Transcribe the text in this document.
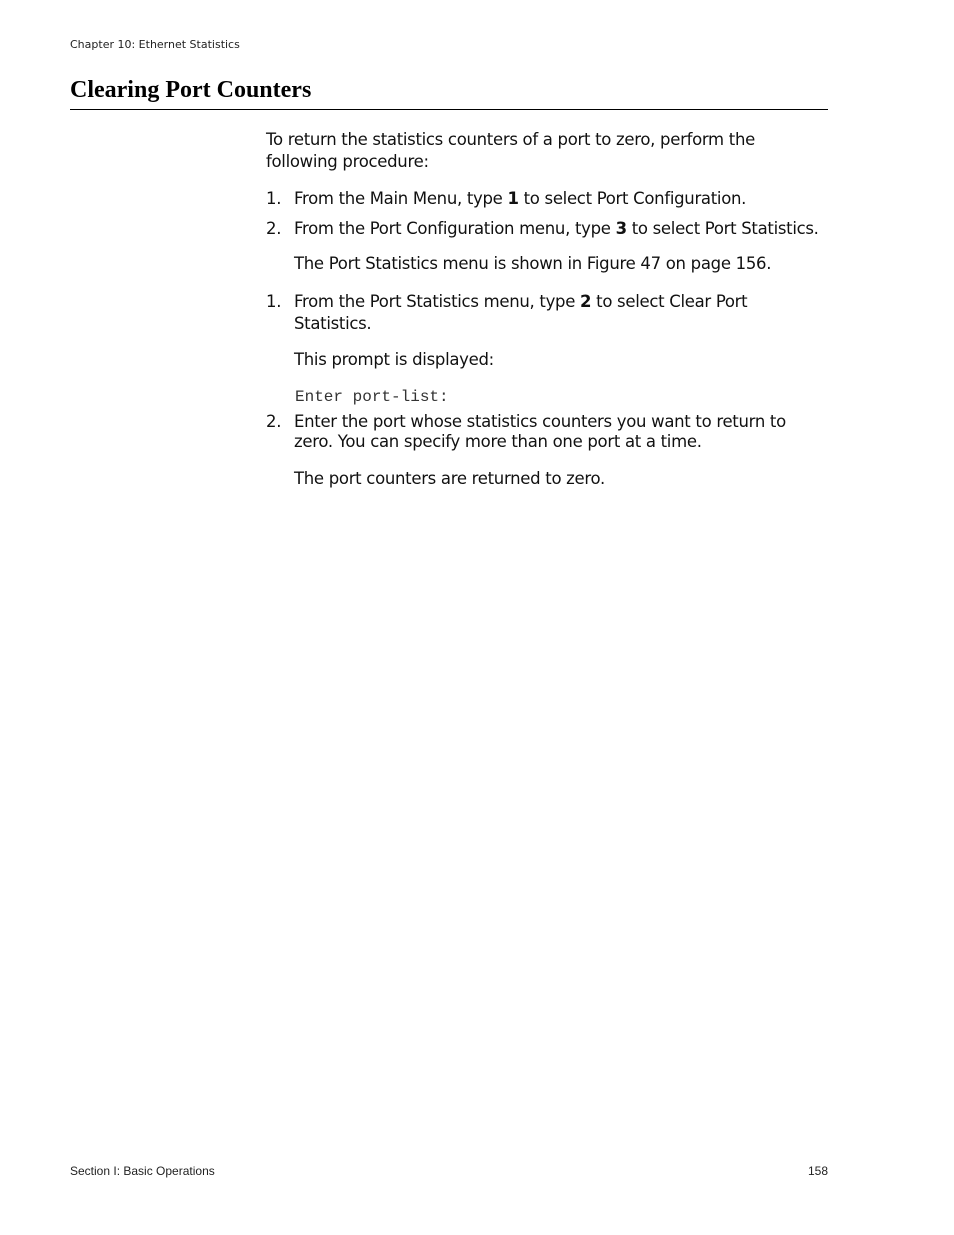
Chapter 10: Ethernet Statistics
Clearing Port Counters

To return the statistics counters of a port to zero, perform the following procedure:

1. From the Main Menu, type 1 to select Port Configuration.
2. From the Port Configuration menu, type 3 to select Port Statistics.

The Port Statistics menu is shown in Figure 47 on page 156.

1. From the Port Statistics menu, type 2 to select Clear Port Statistics.

This prompt is displayed:

Enter port-list:

2. Enter the port whose statistics counters you want to return to zero. You can specify more than one port at a time.

The port counters are returned to zero.

Section I: Basic Operations	158
